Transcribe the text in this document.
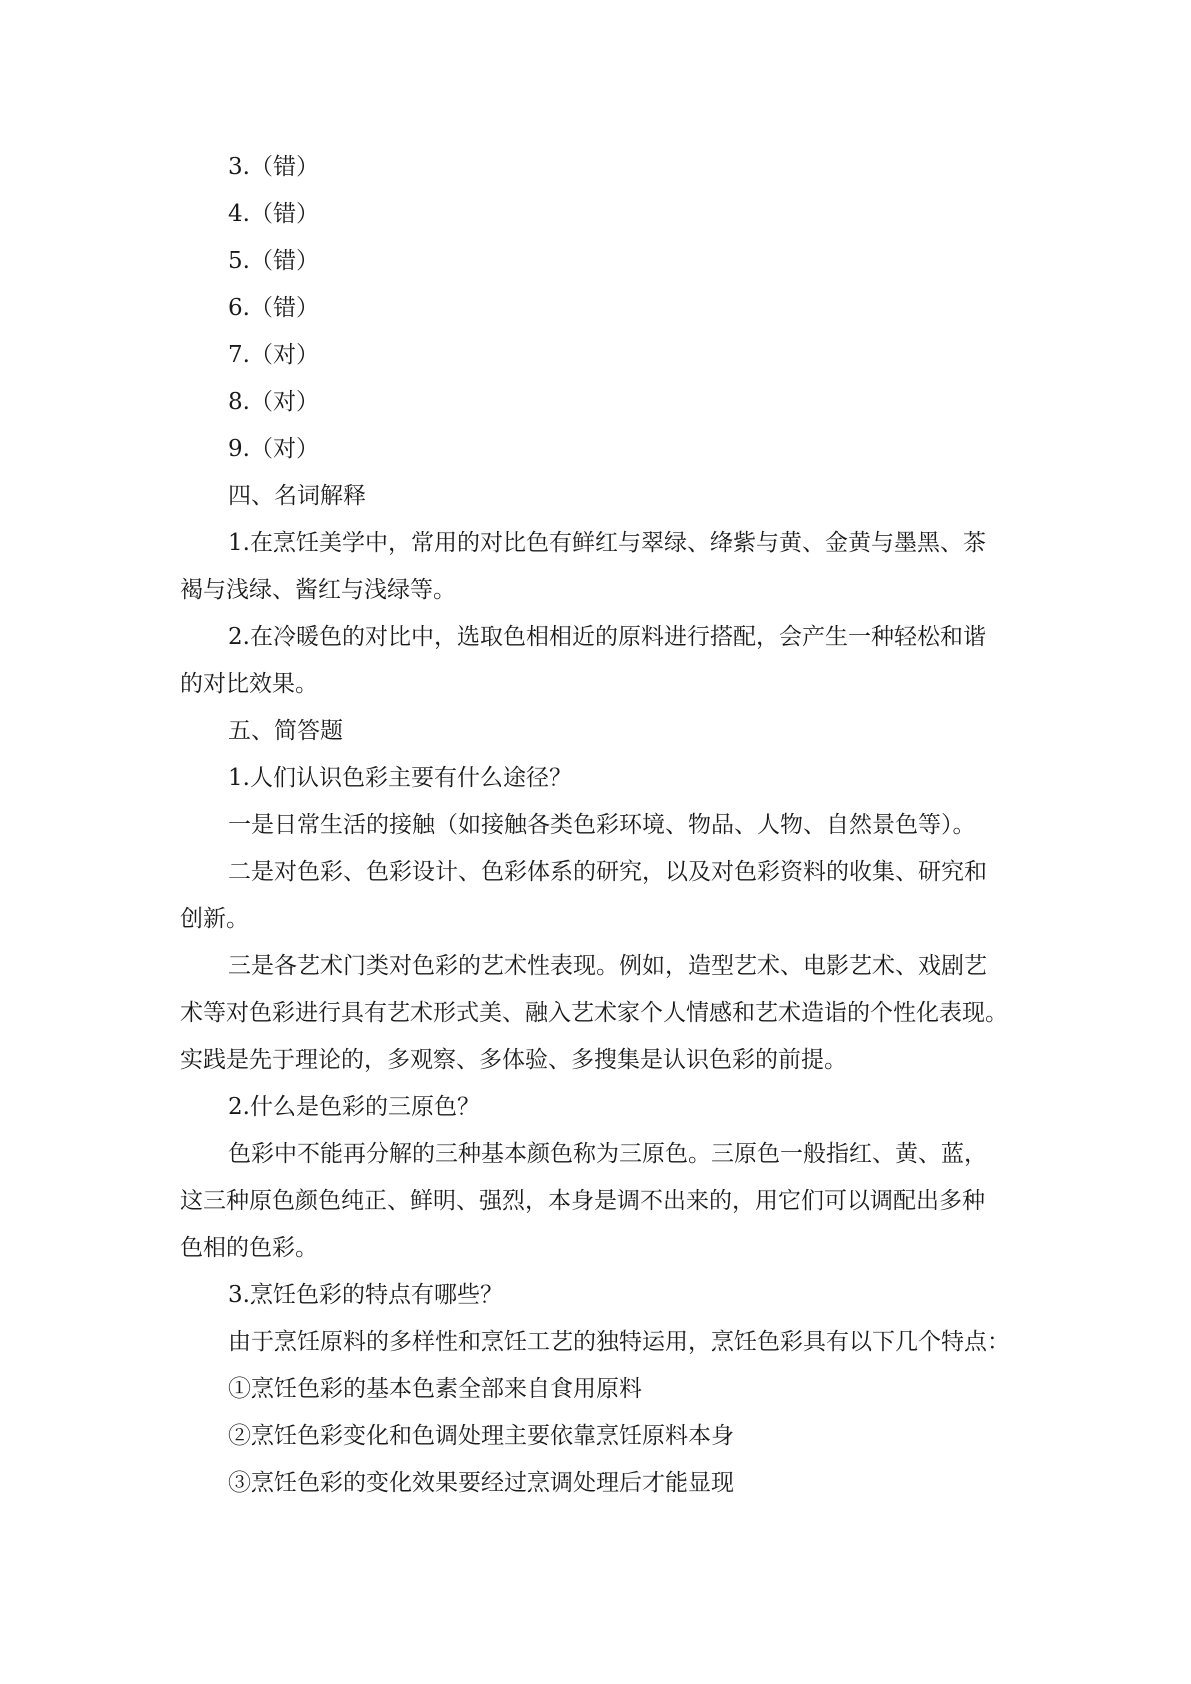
3.（错）

4.（错）

5.（错）

6.（错）

7.（对）

8.（对）

9.（对）

四、名词解释

1.在烹饪美学中，常用的对比色有鲜红与翠绿、绛紫与黄、金黄与墨黑、茶

褐与浅绿、酱红与浅绿等。

2.在冷暖色的对比中，选取色相相近的原料进行搭配，会产生一种轻松和谐

的对比效果。

五、简答题

1.人们认识色彩主要有什么途径？

一是日常生活的接触（如接触各类色彩环境、物品、人物、自然景色等）。

二是对色彩、色彩设计、色彩体系的研究，以及对色彩资料的收集、研究和

创新。

三是各艺术门类对色彩的艺术性表现。例如，造型艺术、电影艺术、戏剧艺

术等对色彩进行具有艺术形式美、融入艺术家个人情感和艺术造诣的个性化表现。

实践是先于理论的，多观察、多体验、多搜集是认识色彩的前提。

2.什么是色彩的三原色？

色彩中不能再分解的三种基本颜色称为三原色。三原色一般指红、黄、蓝，

这三种原色颜色纯正、鲜明、强烈，本身是调不出来的，用它们可以调配出多种

色相的色彩。

3.烹饪色彩的特点有哪些？

由于烹饪原料的多样性和烹饪工艺的独特运用，烹饪色彩具有以下几个特点：

①烹饪色彩的基本色素全部来自食用原料

②烹饪色彩变化和色调处理主要依靠烹饪原料本身

③烹饪色彩的变化效果要经过烹调处理后才能显现
